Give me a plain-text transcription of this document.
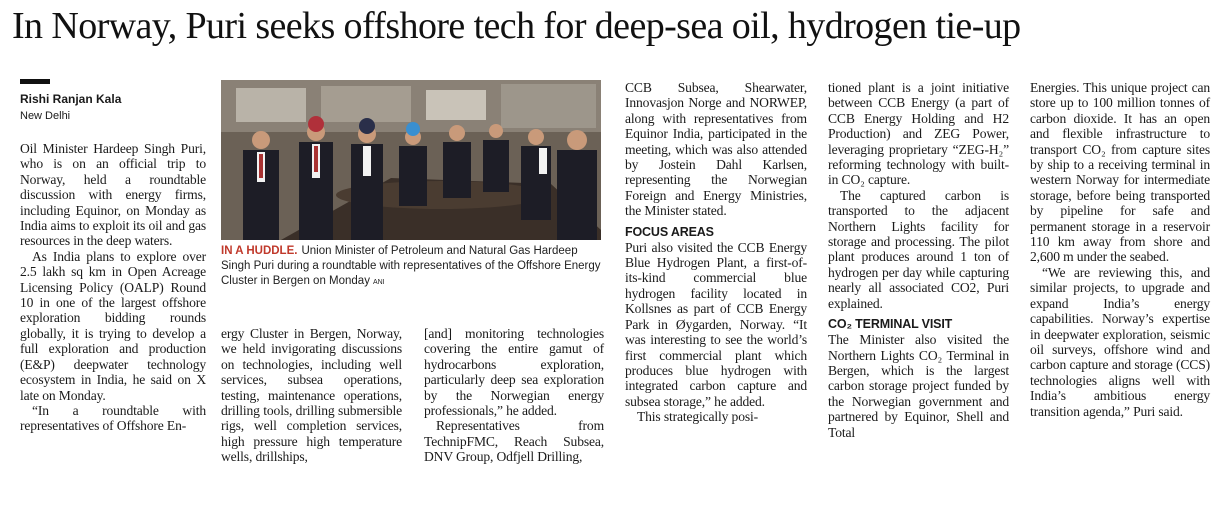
In Norway, Puri seeks offshore tech for deep-sea oil, hydrogen tie-up
Rishi Ranjan Kala
New Delhi

Oil Minister Hardeep Singh Puri, who is on an official trip to Norway, held a roundtable discussion with energy firms, including Equinor, on Monday as India aims to exploit its oil and gas resources in the deep waters.

As India plans to explore over 2.5 lakh sq km in Open Acreage Licensing Policy (OALP) Round 10 in one of the largest offshore exploration bidding rounds globally, it is trying to develop a full exploration and production (E&P) deepwater technology ecosystem in India, he said on X late on Monday.

“In a roundtable with representatives of Offshore En-

IN A HUDDLE. Union Minister of Petroleum and Natural Gas Hardeep Singh Puri during a roundtable with representatives of the Offshore Energy Cluster in Bergen on Monday ANI

ergy Cluster in Bergen, Norway, we held invigorating discussions on technologies, including well services, subsea operations, testing, maintenance operations, drilling tools, drilling submersible rigs, well completion services, high pressure high temperature wells, drillships,

[and] monitoring technologies covering the entire gamut of hydrocarbons exploration, particularly deep sea exploration by the Norwegian energy professionals,” he added.

Representatives from TechnipFMC, Reach Subsea, DNV Group, Odfjell Drilling,

CCB Subsea, Shearwater, Innovasjon Norge and NORWEP, along with representatives from Equinor India, participated in the meeting, which was also attended by Jostein Dahl Karlsen, representing the Norwegian Foreign and Energy Ministries, the Minister stated.

FOCUS AREAS

Puri also visited the CCB Energy Blue Hydrogen Plant, a first-of-its-kind commercial blue hydrogen facility located in Kollsnes as part of CCB Energy Park in Øygarden, Norway. “It was interesting to see the world’s first commercial plant which produces blue hydrogen with integrated carbon capture and subsea storage,” he added.

This strategically posi-

tioned plant is a joint initiative between CCB Energy (a part of CCB Energy Holding and H2 Production) and ZEG Power, leveraging proprietary “ZEG-H₂” reforming technology with built-in CO₂ capture.

The captured carbon is transported to the adjacent Northern Lights facility for storage and processing. The pilot plant produces around 1 ton of hydrogen per day while capturing nearly all associated CO2, Puri explained.

CO₂ TERMINAL VISIT

The Minister also visited the Northern Lights CO₂ Terminal in Bergen, which is the largest carbon storage project funded by the Norwegian government and partnered by Equinor, Shell and Total

Energies. This unique project can store up to 100 million tonnes of carbon dioxide. It has an open and flexible infrastructure to transport CO₂ from capture sites by ship to a receiving terminal in western Norway for intermediate storage, before being transported by pipeline for safe and permanent storage in a reservoir 110 km away from shore and 2,600 m under the seabed.

“We are reviewing this, and similar projects, to upgrade and expand India’s energy capabilities. Norway’s expertise in deepwater exploration, seismic oil surveys, offshore wind and carbon capture and storage (CCS) technologies aligns well with India’s ambitious energy transition agenda,” Puri said.
